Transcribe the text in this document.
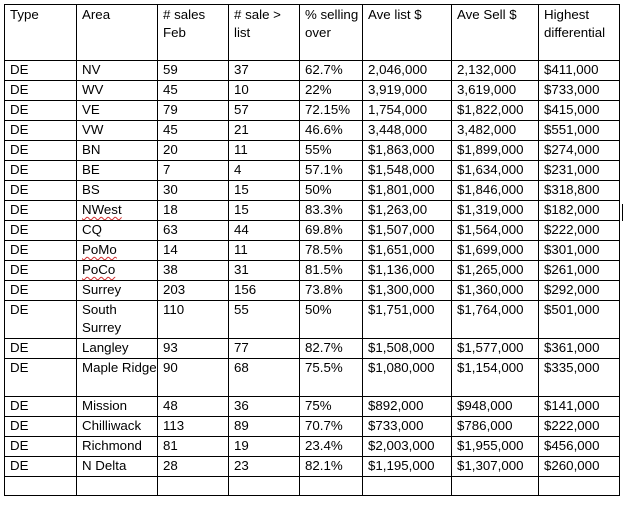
Type	Area	# sales Feb	# sale > list	% selling over	Ave list $	Ave Sell $	Highest differential
DE	NV	59	37	62.7%	2,046,000	2,132,000	$411,000
DE	WV	45	10	22%	3,919,000	3,619,000	$733,000
DE	VE	79	57	72.15%	1,754,000	$1,822,000	$415,000
DE	VW	45	21	46.6%	3,448,000	3,482,000	$551,000
DE	BN	20	11	55%	$1,863,000	$1,899,000	$274,000
DE	BE	7	4	57.1%	$1,548,000	$1,634,000	$231,000
DE	BS	30	15	50%	$1,801,000	$1,846,000	$318,800
DE	NWest	18	15	83.3%	$1,263,00	$1,319,000	$182,000
DE	CQ	63	44	69.8%	$1,507,000	$1,564,000	$222,000
DE	PoMo	14	11	78.5%	$1,651,000	$1,699,000	$301,000
DE	PoCo	38	31	81.5%	$1,136,000	$1,265,000	$261,000
DE	Surrey	203	156	73.8%	$1,300,000	$1,360,000	$292,000
DE	South Surrey	110	55	50%	$1,751,000	$1,764,000	$501,000
DE	Langley	93	77	82.7%	$1,508,000	$1,577,000	$361,000
DE	Maple Ridge	90	68	75.5%	$1,080,000	$1,154,000	$335,000
DE	Mission	48	36	75%	$892,000	$948,000	$141,000
DE	Chilliwack	113	89	70.7%	$733,000	$786,000	$222,000
DE	Richmond	81	19	23.4%	$2,003,000	$1,955,000	$456,000
DE	N Delta	28	23	82.1%	$1,195,000	$1,307,000	$260,000
